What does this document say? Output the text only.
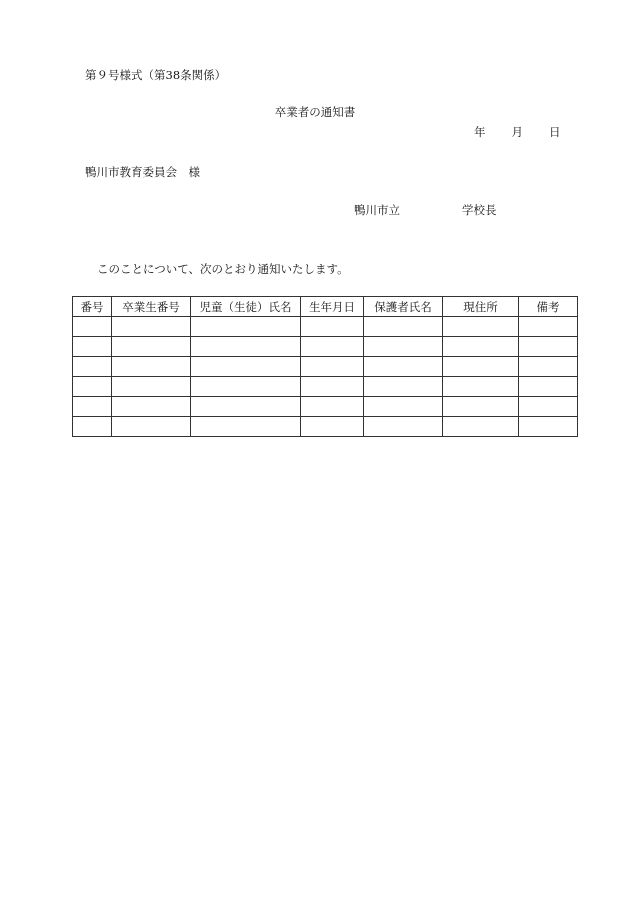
第９号様式（第38条関係）
卒業者の通知書
年 月 日
鴨川市教育委員会　様
鴨川市立	学校長
このことについて、次のとおり通知いたします。
番号	卒業生番号	児童（生徒）氏名	生年月日	保護者氏名	現住所	備考
